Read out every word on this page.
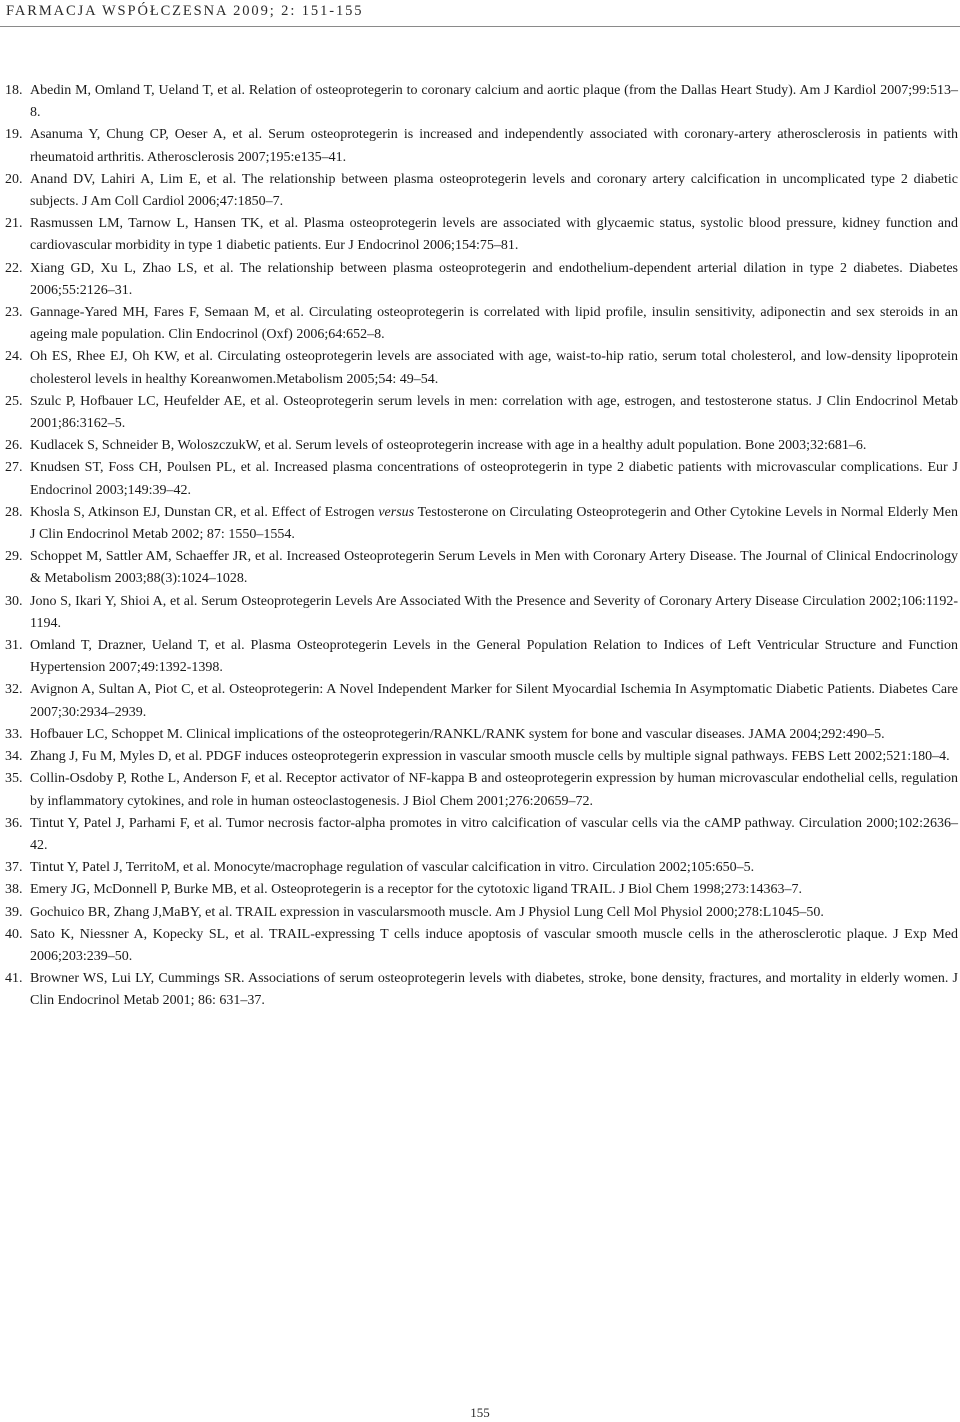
FARMACJA WSPÓŁCZESNA 2009; 2: 151-155
18. Abedin M, Omland T, Ueland T, et al. Relation of osteoprotegerin to coronary calcium and aortic plaque (from the Dallas Heart Study). Am J Kardiol 2007;99:513–8.
19. Asanuma Y, Chung CP, Oeser A, et al. Serum osteoprotegerin is increased and independently associated with coronary-artery atherosclerosis in patients with rheumatoid arthritis. Atherosclerosis 2007;195:e135–41.
20. Anand DV, Lahiri A, Lim E, et al. The relationship between plasma osteoprotegerin levels and coronary artery calcification in uncomplicated type 2 diabetic subjects. J Am Coll Cardiol 2006;47:1850–7.
21. Rasmussen LM, Tarnow L, Hansen TK, et al. Plasma osteoprotegerin levels are associated with glycaemic status, systolic blood pressure, kidney function and cardiovascular morbidity in type 1 diabetic patients. Eur J Endocrinol 2006;154:75–81.
22. Xiang GD, Xu L, Zhao LS, et al. The relationship between plasma osteoprotegerin and endothelium-dependent arterial dilation in type 2 diabetes. Diabetes 2006;55:2126–31.
23. Gannage-Yared MH, Fares F, Semaan M, et al. Circulating osteoprotegerin is correlated with lipid profile, insulin sensitivity, adiponectin and sex steroids in an ageing male population. Clin Endocrinol (Oxf) 2006;64:652–8.
24. Oh ES, Rhee EJ, Oh KW, et al. Circulating osteoprotegerin levels are associated with age, waist-to-hip ratio, serum total cholesterol, and low-density lipoprotein cholesterol levels in healthy Koreanwomen.Metabolism 2005;54: 49–54.
25. Szulc P, Hofbauer LC, Heufelder AE, et al. Osteoprotegerin serum levels in men: correlation with age, estrogen, and testosterone status. J Clin Endocrinol Metab 2001;86:3162–5.
26. Kudlacek S, Schneider B, WoloszczukW, et al. Serum levels of osteoprotegerin increase with age in a healthy adult population. Bone 2003;32:681–6.
27. Knudsen ST, Foss CH, Poulsen PL, et al. Increased plasma concentrations of osteoprotegerin in type 2 diabetic patients with microvascular complications. Eur J Endocrinol 2003;149:39–42.
28. Khosla S, Atkinson EJ, Dunstan CR, et al. Effect of Estrogen versus Testosterone on Circulating Osteoprotegerin and Other Cytokine Levels in Normal Elderly Men J Clin Endocrinol Metab 2002; 87: 1550–1554.
29. Schoppet M, Sattler AM, Schaeffer JR, et al. Increased Osteoprotegerin Serum Levels in Men with Coronary Artery Disease. The Journal of Clinical Endocrinology & Metabolism 2003;88(3):1024–1028.
30. Jono S, Ikari Y, Shioi A, et al. Serum Osteoprotegerin Levels Are Associated With the Presence and Severity of Coronary Artery Disease Circulation 2002;106:1192-1194.
31. Omland T, Drazner, Ueland T, et al. Plasma Osteoprotegerin Levels in the General Population Relation to Indices of Left Ventricular Structure and Function Hypertension 2007;49:1392-1398.
32. Avignon A, Sultan A, Piot C, et al. Osteoprotegerin: A Novel Independent Marker for Silent Myocardial Ischemia In Asymptomatic Diabetic Patients. Diabetes Care 2007;30:2934–2939.
33. Hofbauer LC, Schoppet M. Clinical implications of the osteoprotegerin/RANKL/RANK system for bone and vascular diseases. JAMA 2004;292:490–5.
34. Zhang J, Fu M, Myles D, et al. PDGF induces osteoprotegerin expression in vascular smooth muscle cells by multiple signal pathways. FEBS Lett 2002;521:180–4.
35. Collin-Osdoby P, Rothe L, Anderson F, et al. Receptor activator of NF-kappa B and osteoprotegerin expression by human microvascular endothelial cells, regulation by inflammatory cytokines, and role in human osteoclastogenesis. J Biol Chem 2001;276:20659–72.
36. Tintut Y, Patel J, Parhami F, et al. Tumor necrosis factor-alpha promotes in vitro calcification of vascular cells via the cAMP pathway. Circulation 2000;102:2636–42.
37. Tintut Y, Patel J, TerritoM, et al. Monocyte/macrophage regulation of vascular calcification in vitro. Circulation 2002;105:650–5.
38. Emery JG, McDonnell P, Burke MB, et al. Osteoprotegerin is a receptor for the cytotoxic ligand TRAIL. J Biol Chem 1998;273:14363–7.
39. Gochuico BR, Zhang J,MaBY, et al. TRAIL expression in vascularsmooth muscle. Am J Physiol Lung Cell Mol Physiol 2000;278:L1045–50.
40. Sato K, Niessner A, Kopecky SL, et al. TRAIL-expressing T cells induce apoptosis of vascular smooth muscle cells in the atherosclerotic plaque. J Exp Med 2006;203:239–50.
41. Browner WS, Lui LY, Cummings SR. Associations of serum osteoprotegerin levels with diabetes, stroke, bone density, fractures, and mortality in elderly women. J Clin Endocrinol Metab 2001; 86: 631–37.
155
